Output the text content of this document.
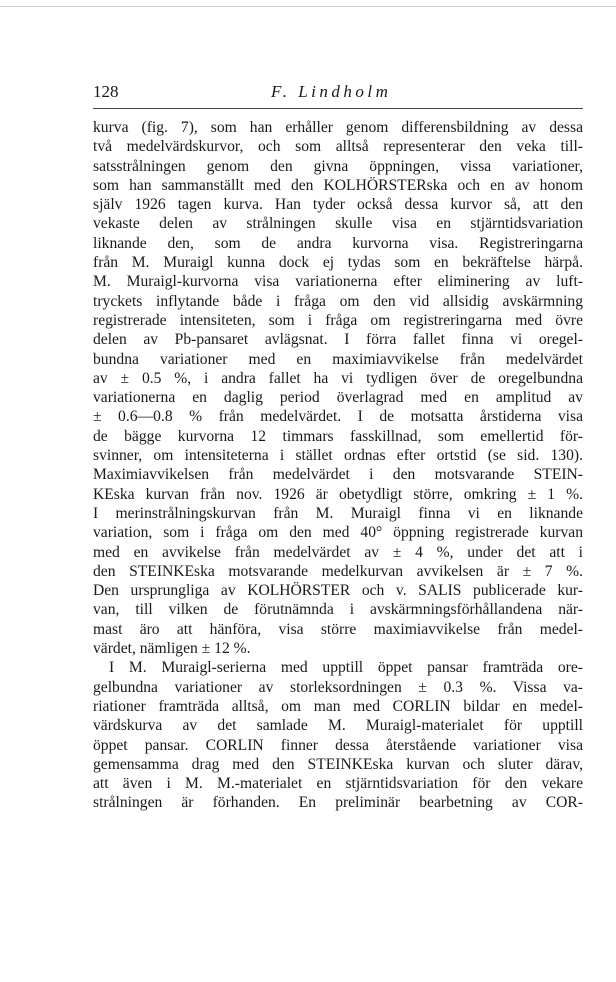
128	F. Lindholm
kurva (fig. 7), som han erhåller genom differensbildning av dessa
två medelvärdskurvor, och som alltså representerar den veka till-
satsstrålningen genom den givna öppningen, vissa variationer,
som han sammanställt med den KOLHÖRSTERska och en av honom
själv 1926 tagen kurva. Han tyder också dessa kurvor så, att den
vekaste delen av strålningen skulle visa en stjärntidsvariation
liknande den, som de andra kurvorna visa. Registreringarna
från M. Muraigl kunna dock ej tydas som en bekräftelse härpå.
M. Muraigl-kurvorna visa variationerna efter eliminering av luft-
tryckets inflytande både i fråga om den vid allsidig avskärmning
registrerade intensiteten, som i fråga om registreringarna med övre
delen av Pb-pansaret avlägsnat. I förra fallet finna vi oregel-
bundna variationer med en maximiavvikelse från medelvärdet
av ± 0.5 %, i andra fallet ha vi tydligen över de oregelbundna
variationerna en daglig period överlagrad med en amplitud av
± 0.6—0.8 % från medelvärdet. I de motsatta årstiderna visa
de bägge kurvorna 12 timmars fasskillnad, som emellertid för-
svinner, om intensiteterna i stället ordnas efter ortstid (se sid. 130).
Maximiavvikelsen från medelvärdet i den motsvarande STEIN-
KEska kurvan från nov. 1926 är obetydligt större, omkring ± 1 %.
I merinstrålningskurvan från M. Muraigl finna vi en liknande
variation, som i fråga om den med 40° öppning registrerade kurvan
med en avvikelse från medelvärdet av ± 4 %, under det att i
den STEINKEska motsvarande medelkurvan avvikelsen är ± 7 %.
Den ursprungliga av KOLHÖRSTER och v. SALIS publicerade kur-
van, till vilken de förutnämnda i avskärmningsförhållandena när-
mast äro att hänföra, visa större maximiavvikelse från medel-
värdet, nämligen ± 12 %.
I M. Muraigl-serierna med upptill öppet pansar framträda ore-
gelbundna variationer av storleksordningen ± 0.3 %. Vissa va-
riationer framträda alltså, om man med CORLIN bildar en medel-
värdskurva av det samlade M. Muraigl-materialet för upptill
öppet pansar. CORLIN finner dessa återstående variationer visa
gemensamma drag med den STEINKEska kurvan och sluter därav,
att även i M. M.-materialet en stjärntidsvariation för den vekare
strålningen är förhanden. En preliminär bearbetning av COR-
